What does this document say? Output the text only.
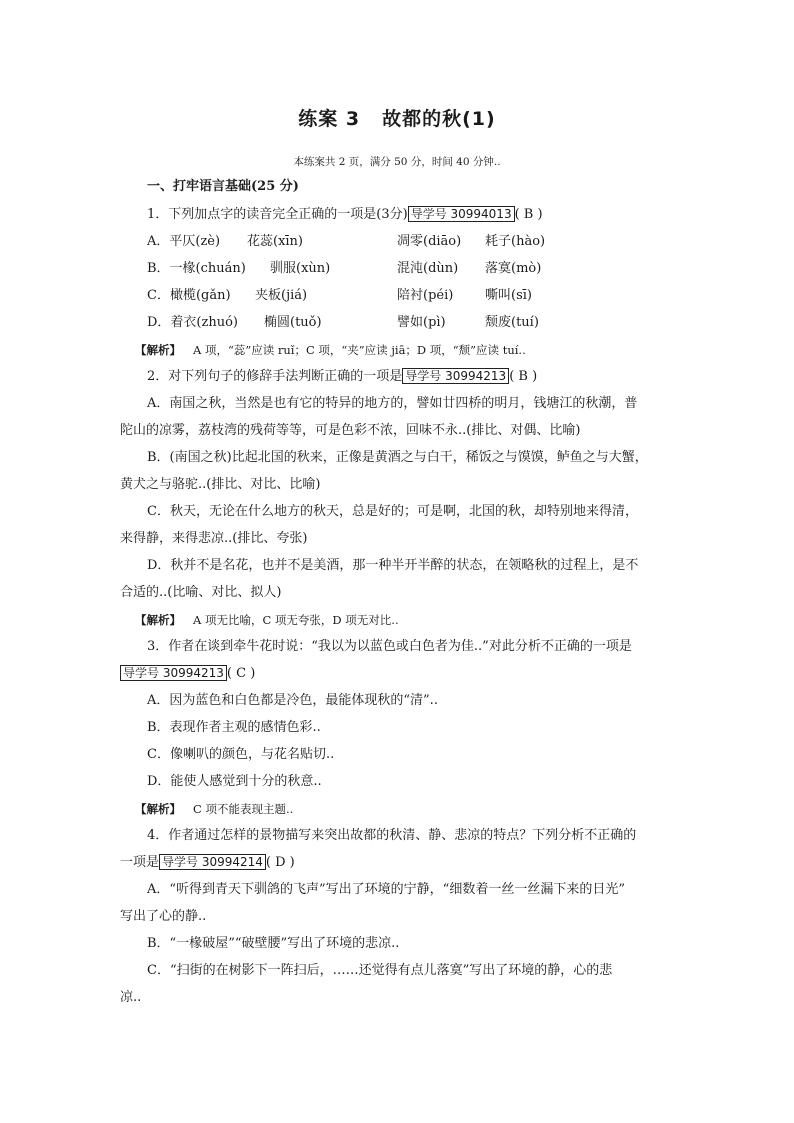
练案 3 故都的秋(1)
本练案共 2 页，满分 50 分，时间 40 分钟..
一、打牢语言基础(25 分)
1．下列加点字的读音完全正确的一项是(3分) 导学号 30994013 ( B )
A．平仄(zè) 花蕊(xīn)	凋零(diāo) 耗子(hào)
B．一椽(chuán) 驯服(xùn)	混沌(dùn) 落寞(mò)
C．橄榄(gǎn) 夹板(jiá)	陪衬(péi) 嘶叫(sī)
D．着衣(zhuó) 椭圆(tuǒ)	譬如(pì)	颓废(tuí)
【解析】 A 项，“蕊”应读 ruǐ；C 项，“夹”应读 jiā；D 项，“颓”应读 tuí..
2．对下列句子的修辞手法判断正确的一项是 导学号 30994213 ( B )
A．南国之秋，当然是也有它的特异的地方的，譬如廿四桥的明月，钱塘江的秋潮，普
陀山的凉雾，荔枝湾的残荷等等，可是色彩不浓，回味不永..(排比、对偶、比喻)
B．(南国之秋)比起北国的秋来，正像是黄酒之与白干，稀饭之与馍馍，鲈鱼之与大蟹，
黄犬之与骆驼..(排比、对比、比喻)
C．秋天，无论在什么地方的秋天，总是好的；可是啊，北国的秋，却特别地来得清，
来得静，来得悲凉..(排比、夸张)
D．秋并不是名花，也并不是美酒，那一种半开半醉的状态，在领略秋的过程上，是不
合适的..(比喻、对比、拟人)
【解析】 A 项无比喻，C 项无夸张，D 项无对比..
3．作者在谈到牵牛花时说：“我以为以蓝色或白色者为佳..”对此分析不正确的一项是
导学号 30994213 ( C )
A．因为蓝色和白色都是冷色，最能体现秋的“清”..
B．表现作者主观的感情色彩..
C．像喇叭的颜色，与花名贴切..
D．能使人感觉到十分的秋意..
【解析】 C 项不能表现主题..
4．作者通过怎样的景物描写来突出故都的秋清、静、悲凉的特点？下列分析不正确的
一项是 导学号 30994214 ( D )
A．“听得到青天下驯鸽的飞声”写出了环境的宁静，“细数着一丝一丝漏下来的日光”
写出了心的静..
B．“一椽破屋”“破壁腰”写出了环境的悲凉..
C．“扫街的在树影下一阵扫后，……还觉得有点儿落寞”写出了环境的静，心的悲
凉..
